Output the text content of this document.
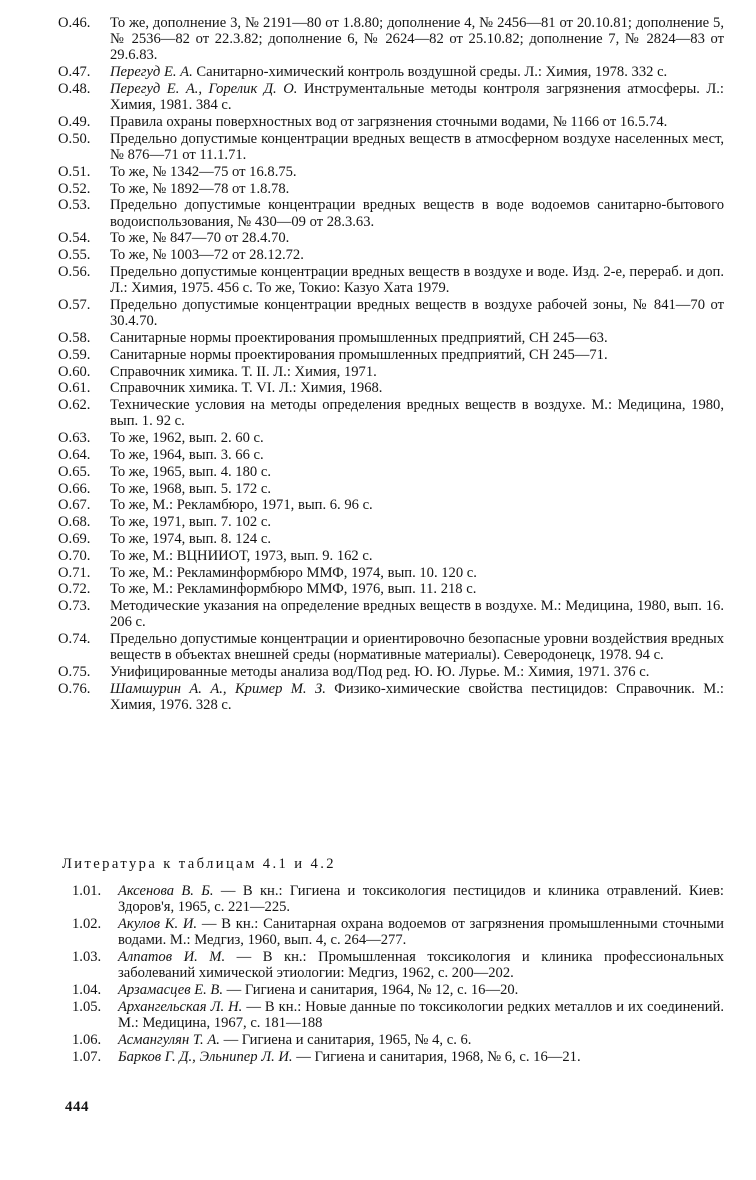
O.46.	То же, дополнение 3, № 2191—80 от 1.8.80; дополнение 4, № 2456—81 от 20.10.81; дополнение 5, № 2536—82 от 22.3.82; дополнение 6, № 2624—82 от 25.10.82; дополнение 7, № 2824—83 от 29.6.83.
O.47.	Перегуд Е. А. Санитарно-химический контроль воздушной среды. Л.: Химия, 1978. 332 с.
O.48.	Перегуд Е. А., Горелик Д. О. Инструментальные методы контроля загрязнения атмосферы. Л.: Химия, 1981. 384 с.
O.49.	Правила охраны поверхностных вод от загрязнения сточными водами, № 1166 от 16.5.74.
O.50.	Предельно допустимые концентрации вредных веществ в атмосферном воздухе населенных мест, № 876—71 от 11.1.71.
O.51.	То же, № 1342—75 от 16.8.75.
O.52.	То же, № 1892—78 от 1.8.78.
O.53.	Предельно допустимые концентрации вредных веществ в воде водоемов санитарно-бытового водоиспользования, № 430—09 от 28.3.63.
O.54.	То же, № 847—70 от 28.4.70.
O.55.	То же, № 1003—72 от 28.12.72.
O.56.	Предельно допустимые концентрации вредных веществ в воздухе и воде. Изд. 2-е, перераб. и доп. Л.: Химия, 1975. 456 с. То же, Токио: Казуо Хата 1979.
O.57.	Предельно допустимые концентрации вредных веществ в воздухе рабочей зоны, № 841—70 от 30.4.70.
O.58.	Санитарные нормы проектирования промышленных предприятий, СН 245—63.
O.59.	Санитарные нормы проектирования промышленных предприятий, СН 245—71.
O.60.	Справочник химика. Т. II. Л.: Химия, 1971.
O.61.	Справочник химика. Т. VI. Л.: Химия, 1968.
O.62.	Технические условия на методы определения вредных веществ в воздухе. М.: Медицина, 1980, вып. 1. 92 с.
O.63.	То же, 1962, вып. 2. 60 с.
O.64.	То же, 1964, вып. 3. 66 с.
O.65.	То же, 1965, вып. 4. 180 с.
O.66.	То же, 1968, вып. 5. 172 с.
O.67.	То же, М.: Рекламбюро, 1971, вып. 6. 96 с.
O.68.	То же, 1971, вып. 7. 102 с.
O.69.	То же, 1974, вып. 8. 124 с.
O.70.	То же, М.: ВЦНИИОТ, 1973, вып. 9. 162 с.
O.71.	То же, М.: Рекламинформбюро ММФ, 1974, вып. 10. 120 с.
O.72.	То же, М.: Рекламинформбюро ММФ, 1976, вып. 11. 218 с.
O.73.	Методические указания на определение вредных веществ в воздухе. М.: Медицина, 1980, вып. 16. 206 с.
O.74.	Предельно допустимые концентрации и ориентировочно безопасные уровни воздействия вредных веществ в объектах внешней среды (нормативные материалы). Северодонецк, 1978. 94 с.
O.75.	Унифицированные методы анализа вод/Под ред. Ю. Ю. Лурье. М.: Химия, 1971. 376 с.
O.76.	Шамшурин А. А., Кример М. З. Физико-химические свойства пестицидов: Справочник. М.: Химия, 1976. 328 с.
Литература к таблицам 4.1 и 4.2
1.01.	Аксенова В. Б. — В кн.: Гигиена и токсикология пестицидов и клиника отравлений. Киев: Здоров'я, 1965, с. 221—225.
1.02.	Акулов К. И. — В кн.: Санитарная охрана водоемов от загрязнения промышленными сточными водами. М.: Медгиз, 1960, вып. 4, с. 264—277.
1.03.	Алпатов И. М. — В кн.: Промышленная токсикология и клиника профессиональных заболеваний химической этиологии: Медгиз, 1962, с. 200—202.
1.04.	Арзамасцев Е. В. — Гигиена и санитария, 1964, № 12, с. 16—20.
1.05.	Архангельская Л. Н. — В кн.: Новые данные по токсикологии редких металлов и их соединений. М.: Медицина, 1967, с. 181—188
1.06.	Асмангулян Т. А. — Гигиена и санитария, 1965, № 4, с. 6.
1.07.	Барков Г. Д., Эльнипер Л. И. — Гигиена и санитария, 1968, № 6, с. 16—21.
444
